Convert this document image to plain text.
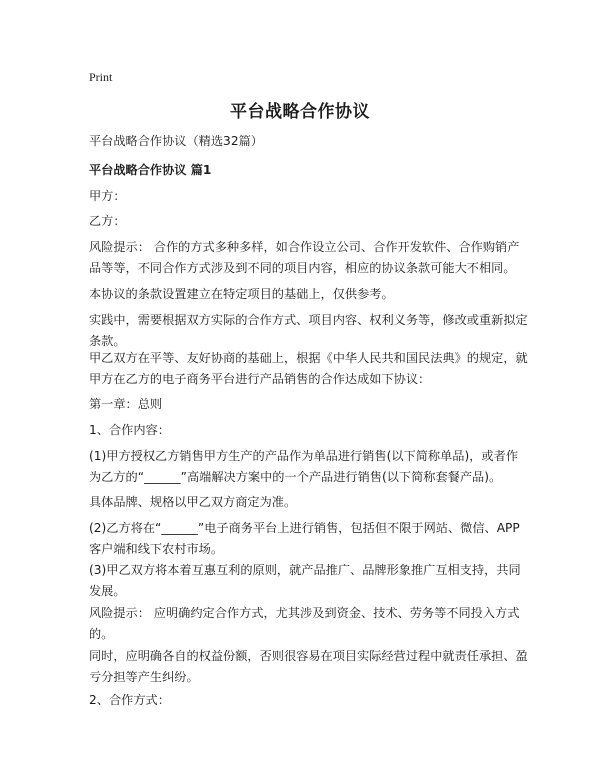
Print
平台战略合作协议
平台战略合作协议（精选32篇）
平台战略合作协议 篇1
甲方：
乙方：
风险提示： 合作的方式多种多样，如合作设立公司、合作开发软件、合作购销产品等等，不同合作方式涉及到不同的项目内容，相应的协议条款可能大不相同。
本协议的条款设置建立在特定项目的基础上，仅供参考。
实践中，需要根据双方实际的合作方式、项目内容、权利义务等，修改或重新拟定条款。
甲乙双方在平等、友好协商的基础上，根据《中华人民共和国民法典》的规定，就甲方在乙方的电子商务平台进行产品销售的合作达成如下协议：
第一章：总则
1、合作内容：
(1)甲方授权乙方销售甲方生产的产品作为单品进行销售(以下简称单品)，或者作为乙方的“______”高端解决方案中的一个产品进行销售(以下简称套餐产品)。
具体品牌、规格以甲乙双方商定为准。
(2)乙方将在“______”电子商务平台上进行销售，包括但不限于网站、微信、APP客户端和线下农村市场。
(3)甲乙双方将本着互惠互利的原则，就产品推广、品牌形象推广互相支持，共同发展。
风险提示： 应明确约定合作方式，尤其涉及到资金、技术、劳务等不同投入方式的。
同时，应明确各自的权益份额，否则很容易在项目实际经营过程中就责任承担、盈亏分担等产生纠纷。
2、合作方式：
